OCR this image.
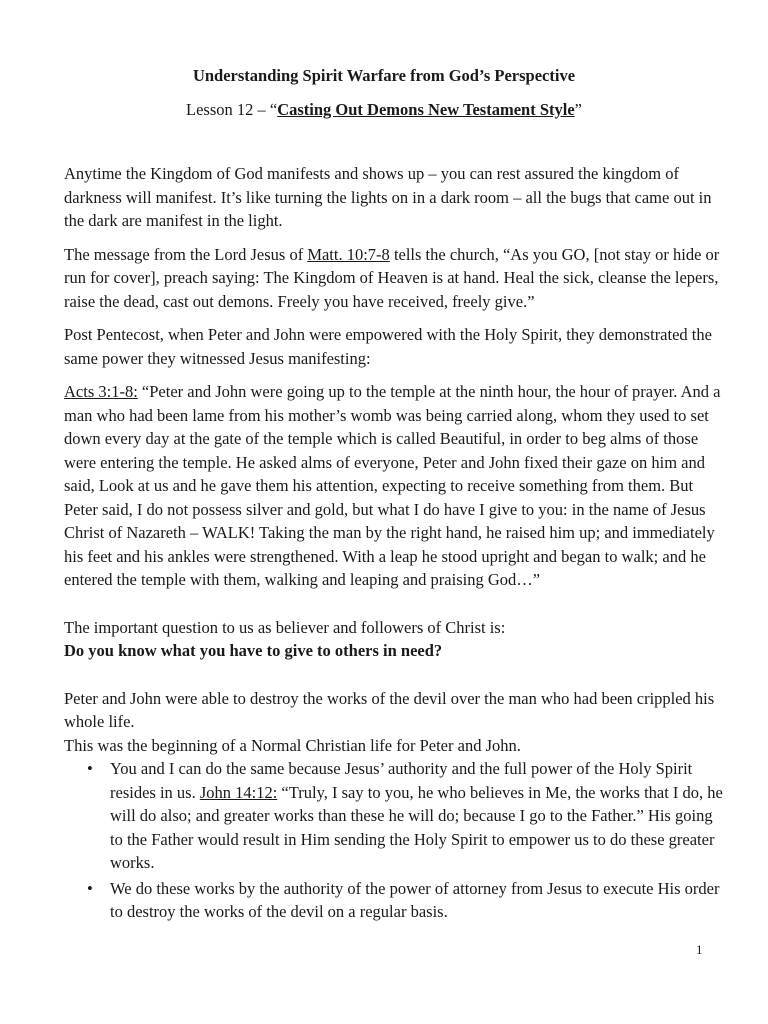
Understanding Spirit Warfare from God’s Perspective
Lesson 12 – “Casting Out Demons New Testament Style”

Anytime the Kingdom of God manifests and shows up – you can rest assured the kingdom of darkness will manifest. It’s like turning the lights on in a dark room – all the bugs that came out in the dark are manifest in the light.

The message from the Lord Jesus of Matt. 10:7-8 tells the church, “As you GO, [not stay or hide or run for cover], preach saying: The Kingdom of Heaven is at hand. Heal the sick, cleanse the lepers, raise the dead, cast out demons. Freely you have received, freely give.”

Post Pentecost, when Peter and John were empowered with the Holy Spirit, they demonstrated the same power they witnessed Jesus manifesting:

Acts 3:1-8: “Peter and John were going up to the temple at the ninth hour, the hour of prayer. And a man who had been lame from his mother’s womb was being carried along, whom they used to set down every day at the gate of the temple which is called Beautiful, in order to beg alms of those were entering the temple. He asked alms of everyone, Peter and John fixed their gaze on him and said, Look at us and he gave them his attention, expecting to receive something from them. But Peter said, I do not possess silver and gold, but what I do have I give to you: in the name of Jesus Christ of Nazareth – WALK! Taking the man by the right hand, he raised him up; and immediately his feet and his ankles were strengthened. With a leap he stood upright and began to walk; and he entered the temple with them, walking and leaping and praising God…”

The important question to us as believer and followers of Christ is:

Do you know what you have to give to others in need?

Peter and John were able to destroy the works of the devil over the man who had been crippled his whole life.
This was the beginning of a Normal Christian life for Peter and John.
• You and I can do the same because Jesus’ authority and the full power of the Holy Spirit resides in us. John 14:12: “Truly, I say to you, he who believes in Me, the works that I do, he will do also; and greater works than these he will do; because I go to the Father.” His going to the Father would result in Him sending the Holy Spirit to empower us to do these greater works.
• We do these works by the authority of the power of attorney from Jesus to execute His order to destroy the works of the devil on a regular basis.
1
